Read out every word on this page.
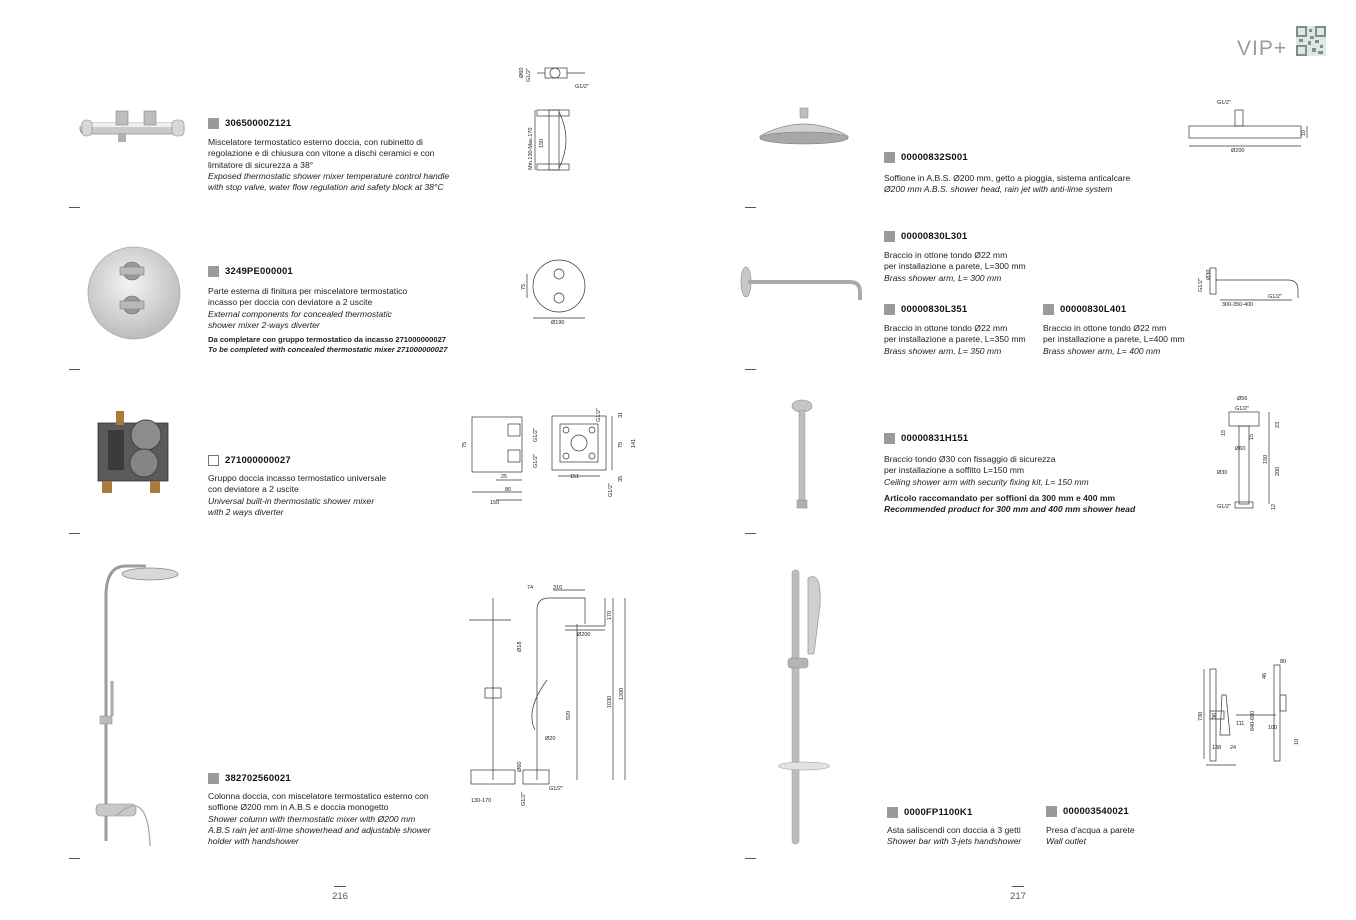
VIP+
30650000Z121
Miscelatore termostatico esterno doccia, con rubinetto di
regolazione e di chiusura con vitone a dischi ceramici e con
limitatore di sicurezza a 38°
Exposed thermostatic shower mixer temperature control handle
with stop valve, water flow regulation and safety block at 38°C
Ø60 G1/2"
G1/2"
Min.130-Max.170 150
3249PE000001
Parte esterna di finitura per miscelatore termostatico
incasso per doccia con deviatore a 2 uscite
External components for concealed thermostatic
shower mixer 2-ways diverter
Da completare con gruppo termostatico da incasso 271000000027
To be completed with concealed thermostatic mixer 271000000027
75
Ø190
271000000027
Gruppo doccia incasso termostatico universale
con deviatore a 2 uscite
Universal built-in thermostatic shower mixer
with 2 ways diverter
75
25
80
150
G1/2"
G1/2"
G1/2"	31
75 141
35
151
G1/2"
382702560021
Colonna doccia, con miscelatore termostatico esterno con
soffione Ø200 mm in A.B.S e doccia monogetto
Shower column with thermostatic mixer with Ø200 mm
A.B.S rain jet anti-lime showerhead and adjustable shower
holder with handshower
74	310
170
Ø200
Ø18
920
1030
1200
Ø20
Ø60
130-170	G1/2"
G1/2"
216
00000832S001
Soffione in A.B.S. Ø200 mm, getto a pioggia, sistema anticalcare
Ø200 mm A.B.S. shower head, rain jet with anti-lime system
G1/2"
Ø200
10
00000830L301
Braccio in ottone tondo Ø22 mm
per installazione a parete, L=300 mm
Brass shower arm, L= 300 mm
00000830L351
Braccio in ottone tondo Ø22 mm
per installazione a parete, L=350 mm
Brass shower arm, L= 350 mm
00000830L401
Braccio in ottone tondo Ø22 mm
per installazione a parete, L=400 mm
Brass shower arm, L= 400 mm
G1/2"
Ø30
G1/2"
300-350-400
00000831H151
Braccio tondo Ø30 con fissaggio di sicurezza
per installazione a soffitto L=150 mm
Ceiling shower arm with security fixing kit, L= 150 mm
Articolo raccomandato per soffioni da 300 mm e 400 mm
Recommended product for 300 mm and 400 mm shower head
Ø56
G1/2"
15
23
15
Ø60
150
200
Ø30
G1/2"	12
0000FP1100K1
Asta saliscendi con doccia a 3 getti
Shower bar with 3-jets handshower
000003540021
Presa d'acqua a parete
Wall outlet
80
46
640-680
730 36
111
100
138 24
10
217
